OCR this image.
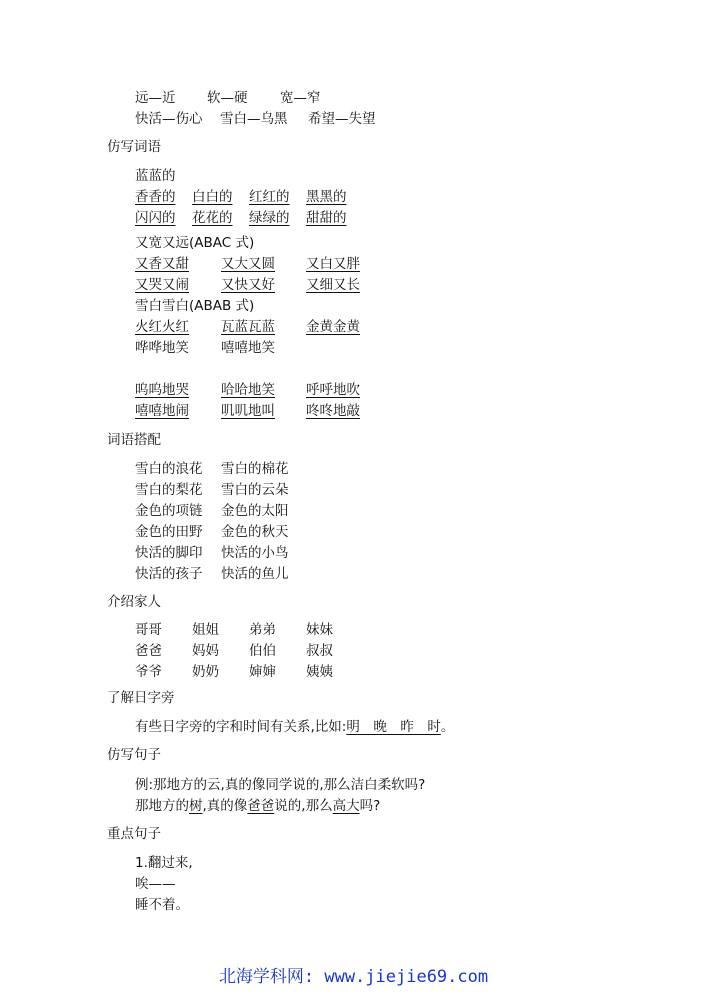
远—近 软—硬 宽—窄
快活—伤心 雪白—乌黑 希望—失望
仿写词语
蓝蓝的
香香的 白白的 红红的 黑黑的
闪闪的 花花的 绿绿的 甜甜的
又宽又远(ABAC 式)
又香又甜 又大又圆 又白又胖
又哭又闹 又快又好 又细又长
雪白雪白(ABAB 式)
火红火红 瓦蓝瓦蓝 金黄金黄
哗哗地笑 嘻嘻地笑
呜呜地哭 哈哈地笑 呼呼地吹
嘻嘻地闹 叽叽地叫 咚咚地敲
词语搭配
雪白的浪花 雪白的棉花
雪白的梨花 雪白的云朵
金色的项链 金色的太阳
金色的田野 金色的秋天
快活的脚印 快活的小鸟
快活的孩子 快活的鱼儿
介绍家人
哥哥 姐姐 弟弟 妹妹
爸爸 妈妈 伯伯 叔叔
爷爷 奶奶 婶婶 姨姨
了解日字旁
有些日字旁的字和时间有关系,比如:明　晚　昨　时。
仿写句子
例:那地方的云,真的像同学说的,那么洁白柔软吗?
那地方的树,真的像爸爸说的,那么高大吗?
重点句子
1.翻过来,
唉——
睡不着。
北海学科网: www.jiejie69.com
